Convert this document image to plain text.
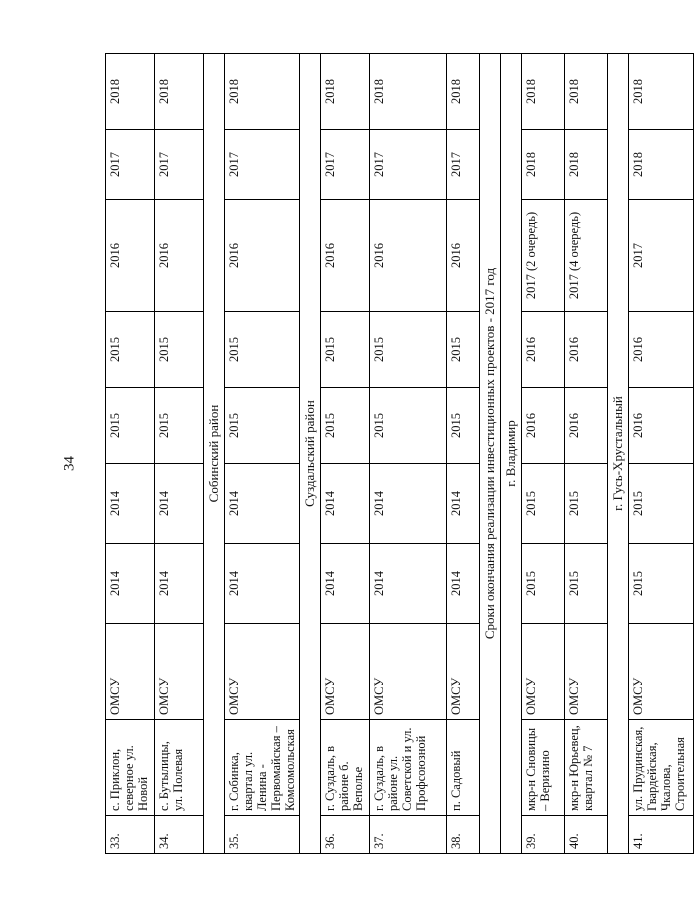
34
33.	с. Приклон, северное ул. Новой	ОМСУ	2014	2014	2015	2015	2016	2017	2018
34.	с. Бутылицы, ул. Полевая	ОМСУ	2014	2014	2015	2015	2016	2017	2018
Собинский район									
35.	г. Собинка, квартал ул. Ленина - Первомайская – Комсомольская	ОМСУ	2014	2014	2015	2015	2016	2017	2018
Суздальский район									
36.	г. Суздаль, в районе б. Веполье	ОМСУ	2014	2014	2015	2015	2016	2017	2018
37.	г. Суздаль, в районе ул. Советской и ул. Профсоюзной	ОМСУ	2014	2014	2015	2015	2016	2017	2018
38.	п. Садовый	ОМСУ	2014	2014	2015	2015	2016	2017	2018
Сроки окончания реализации инвестиционных проектов - 2017 год									
г. Владимир									
39.	мкр-н Сновицы – Веризино	ОМСУ	2015	2015	2016	2016	2017 (2 очередь)	2018	2018
40.	мкр-н Юрьевец, квартал № 7	ОМСУ	2015	2015	2016	2016	2017 (4 очередь)	2018	2018
г. Гусь-Хрустальный									
41.	ул. Прудинская, Гвардейская, Чкалова, Строительная	ОМСУ	2015	2015	2016	2016	2017	2018	2018
